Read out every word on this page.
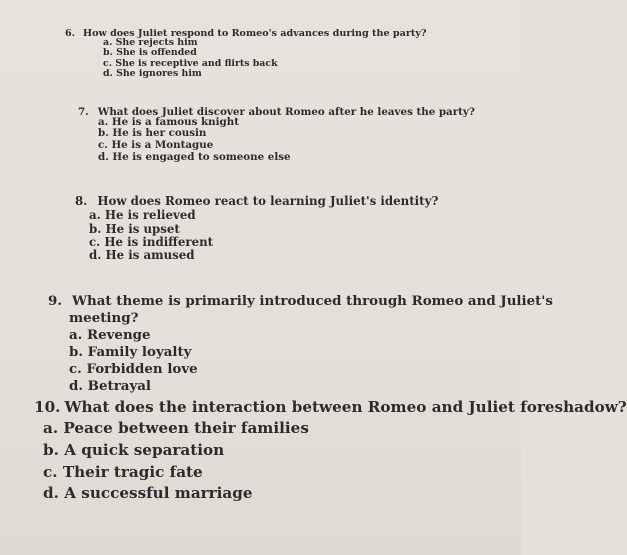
6. How does Juliet respond to Romeo's advances during the party?
a. She rejects him
b. She is offended
c. She is receptive and flirts back
d. She ignores him
7. What does Juliet discover about Romeo after he leaves the party?
a. He is a famous knight
b. He is her cousin
c. He is a Montague
d. He is engaged to someone else
8. How does Romeo react to learning Juliet's identity?
a. He is relieved
b. He is upset
c. He is indifferent
d. He is amused
9. What theme is primarily introduced through Romeo and Juliet's
meeting?
a. Revenge
b. Family loyalty
c. Forbidden love
d. Betrayal
10. What does the interaction between Romeo and Juliet foreshadow?
a. Peace between their families
b. A quick separation
c. Their tragic fate
d. A successful marriage
